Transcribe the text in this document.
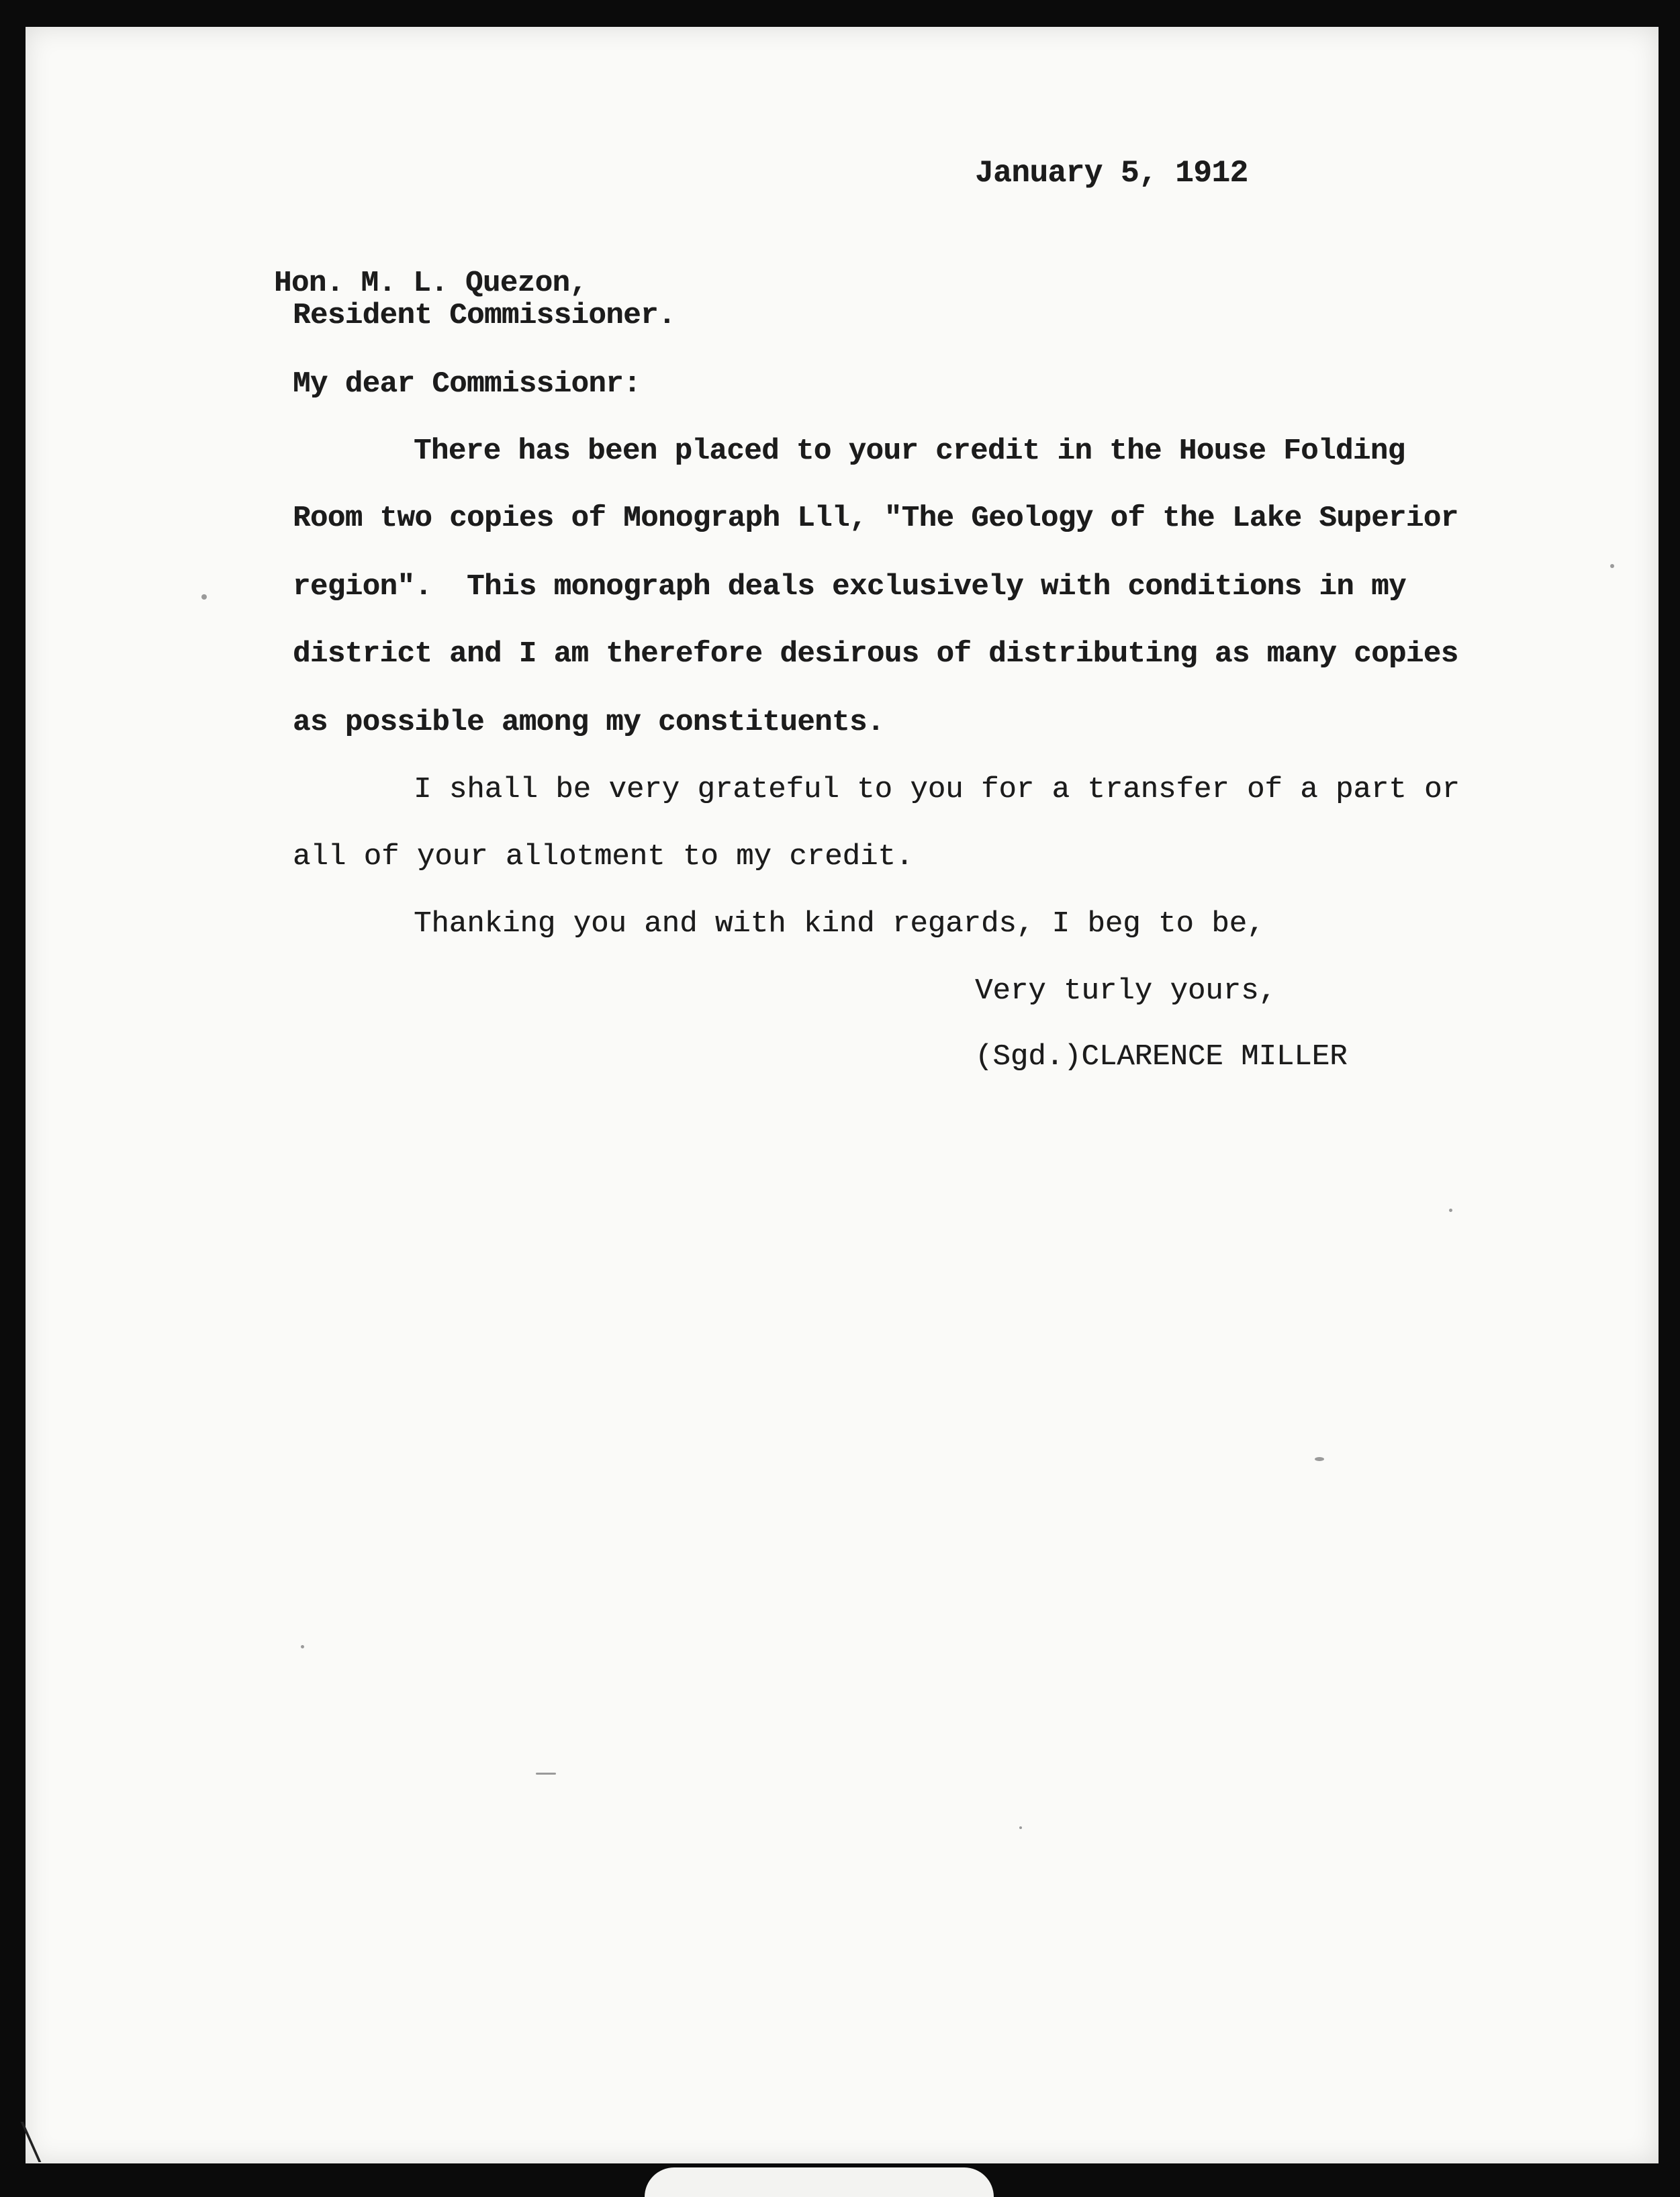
January 5, 1912
Hon. M. L. Quezon,
Resident Commissioner.
My dear Commissionr:
There has been placed to your credit in the House Folding
Room two copies of Monograph Lll, "The Geology of the Lake Superior
region".  This monograph deals exclusively with conditions in my
district and I am therefore desirous of distributing as many copies
as possible among my constituents.
I shall be very grateful to you for a transfer of a part or
all of your allotment to my credit.
Thanking you and with kind regards, I beg to be,
Very turly yours,
(Sgd.)CLARENCE MILLER
